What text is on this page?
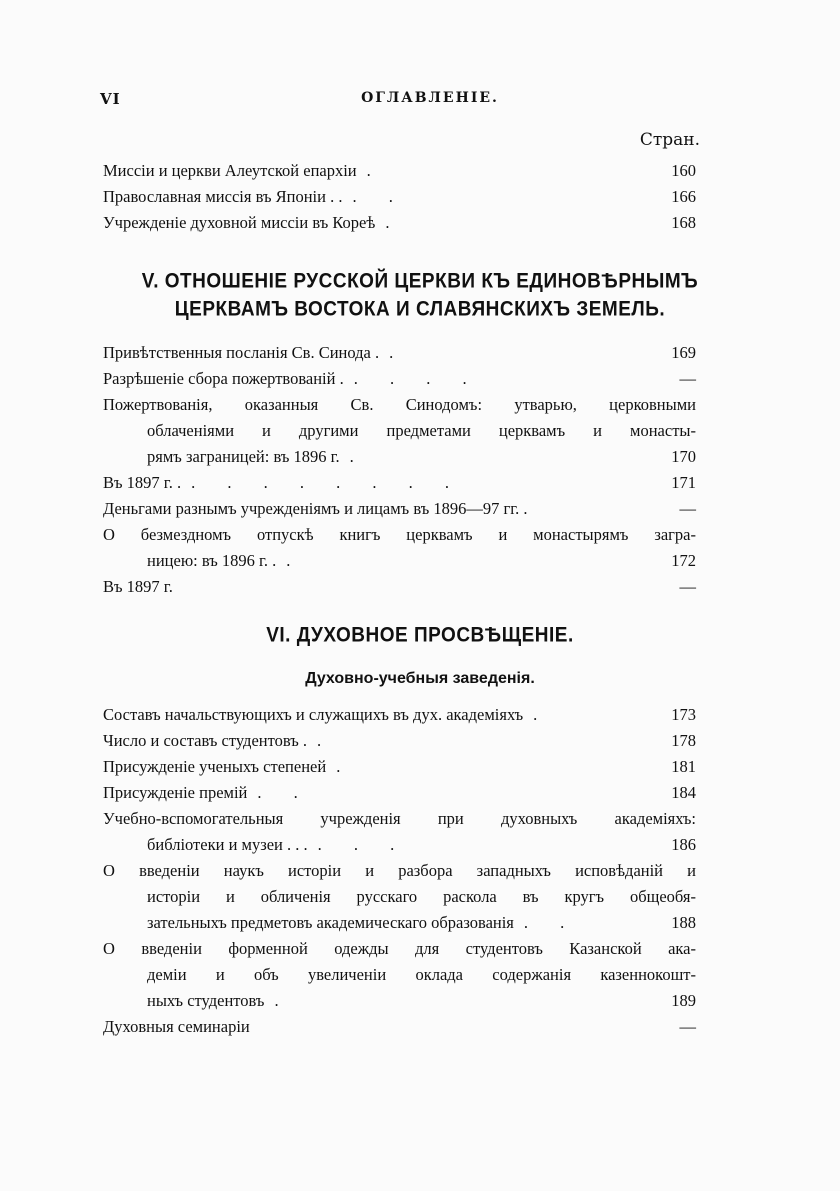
VI	ОГЛАВЛЕНІЕ.
Стран.
Миссіи и церкви Алеутской епархіи .	160
Православная миссія въ Японіи . . . .	166
Учрежденіе духовной миссіи въ Кореѣ .	168
V. ОТНОШЕНІЕ РУССКОЙ ЦЕРКВИ КЪ ЕДИНОВѢРНЫМЪ
ЦЕРКВАМЪ ВОСТОКА И СЛАВЯНСКИХЪ ЗЕМЕЛЬ.
Привѣтственныя посланія Св. Синода . .	169
Разрѣшеніе сбора пожертвованій . . . . .	—
Пожертвованія, оказанныя Св. Синодомъ: утварью, церковными
облаченіями и другими предметами церквамъ и монасты-
рямъ заграницей: въ 1896 г. .	170
Въ 1897 г. . . . . . . . . .	171
Деньгами разнымъ учрежденіямъ и лицамъ въ 1896—97 гг. .	—
О безмездномъ отпускѣ книгъ церквамъ и монастырямъ загра-
ницею: въ 1896 г. . .	172
Въ 1897 г.	—
VI. ДУХОВНОЕ ПРОСВѢЩЕНІЕ.
Духовно-учебныя заведенія.
Составъ начальствующихъ и служащихъ въ дух. академіяхъ .	173
Число и составъ студентовъ . .	178
Присужденіе ученыхъ степеней .	181
Присужденіе премій . .	184
Учебно-вспомогательныя учрежденія при духовныхъ академіяхъ:
библіотеки и музеи . . . . . .	186
О введеніи наукъ исторіи и разбора западныхъ исповѣданій и
исторіи и обличенія русскаго раскола въ кругъ общеобя-
зательныхъ предметовъ академическаго образованія . .	188
О введеніи форменной одежды для студентовъ Казанской ака-
деміи и объ увеличеніи оклада содержанія казеннокошт-
ныхъ студентовъ .	189
Духовныя семинаріи	—
